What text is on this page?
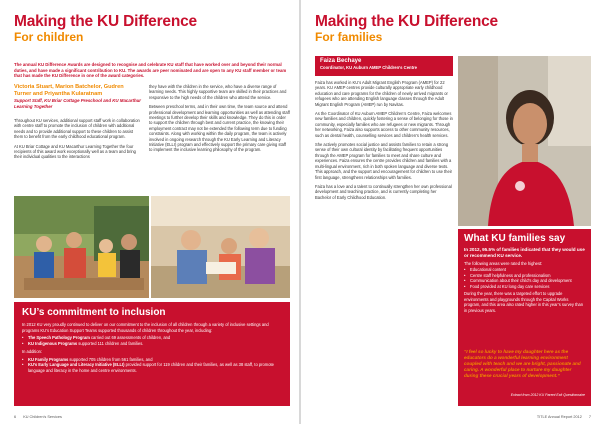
Making the KU Difference
For children
The annual KU Difference Awards are designed to recognise and celebrate KU staff that have worked over and beyond their normal duties, and have made a significant contribution to KU. The awards are peer nominated and are open to any KU staff member or team that has made the KU Difference in one of the award categories.
Victoria Stuart, Marion Batchelor, Gudren Turner and Priyantha Kularatnam
Support Staff, KU Briar Cottage Preschool and KU Macarthur Learning Together

Throughout KU services, additional support staff work in collaboration with centre staff to promote the inclusion of children with additional needs and to provide additional support to these children to assist them to benefit from the early childhood educational program.

At KU Briar Cottage and KU Macarthur Learning Together the four recipients of this award work exceptionally well as a team and bring their individual qualities to the interactions

they have with the children in the service, who have a diverse range of learning needs. This highly supportive team are skilled in their practices and responsive to the high needs of the children who attend the service.

Between preschool terms, and in their own time, the team source and attend professional development and learning opportunities as well as attending staff meetings to further develop their skills and knowledge. They do this in order to support the children through best and current practice, the knowing their employment contract may not be extended the following term due to funding constraints. Along with working within the daily program, the team is actively involved in ongoing research through the KU Early Learning and Literacy Initiative (ELLI) program and effectively support the primary care giving staff to implement the inclusive learning philosophy of the program.

KU’s commitment to inclusion

In 2012 KU very proudly continued to deliver on our commitment to the inclusion of all children through a variety of inclusive settings and programs KU’s Education Support Teams supported thousands of children throughout the year, including:

• The Speech Pathology Program carried out 69 assessments of children, and
• KU Indigenous Programs supported 111 children and families.

In addition:

• KU Family Programs supported 705 children from 561 families, and
• KU’s Early Language and Literacy Initiative (ELLI) provided support for 119 children and their families, as well as 38 staff, to promote language and literacy in the home and centre environments.
6 KU Children’s Services
Making the KU Difference
For families
Faiza Bechaye
Coordinator, KU Auburn AMEP Children’s Centre

Faiza has worked in KU’s Adult Migrant English Program (AMEP) for 22 years. KU AMEP centres provide culturally appropriate early childhood education and care programs for the children of newly arrived migrants or refugees who are attending English language classes through the Adult Migrant English Program (AMEP) run by Navitas.

As the Coordinator of KU Auburn AMEP Children’s Centre, Faiza welcomes new families and children, quickly fostering a sense of belonging for those in community, especially families who are refugees or new migrants. Through her networking, Faiza also supports access to other community resources, such as dental health, counselling services and children’s health services.

She actively promotes social justice and assists families to retain a strong sense of their own cultural identity by facilitating frequent opportunities through the AMEP program for families to meet and share culture and experiences. Faiza ensures the centre provides children and families with a multi-lingual environment, rich in both spoken language and diverse texts. This approach, and the support and encouragement for children to use their first language, strengthens relationships with families.

Faiza has a love and a talent to continually strengthen her own professional development and teaching practice, and is currently completing her Bachelor of Early Childhood Education.

What KU families say

In 2012, 95.5% of families indicated that they would use or recommend KU service.

The following areas were rated the highest:

• Educational content
• Centre staff helpfulness and professionalism
• Communication about their child’s day and development
• Food provided at KU long day care services

During the year, there was a targeted effort to upgrade environments and playgrounds through the Capital Works program, and this area also rated higher in this year’s survey than in previous years.

“I feel so lucky to have my daughter here as the educators do a wonderful learning environment coupled with teach and we are bright, passionate and caring. A wonderful place to nurture my daughter during these crucial years of development.”
Extract from 2012 KU Parent Exit Questionnaire
TITLE Annual Report 2012 7
